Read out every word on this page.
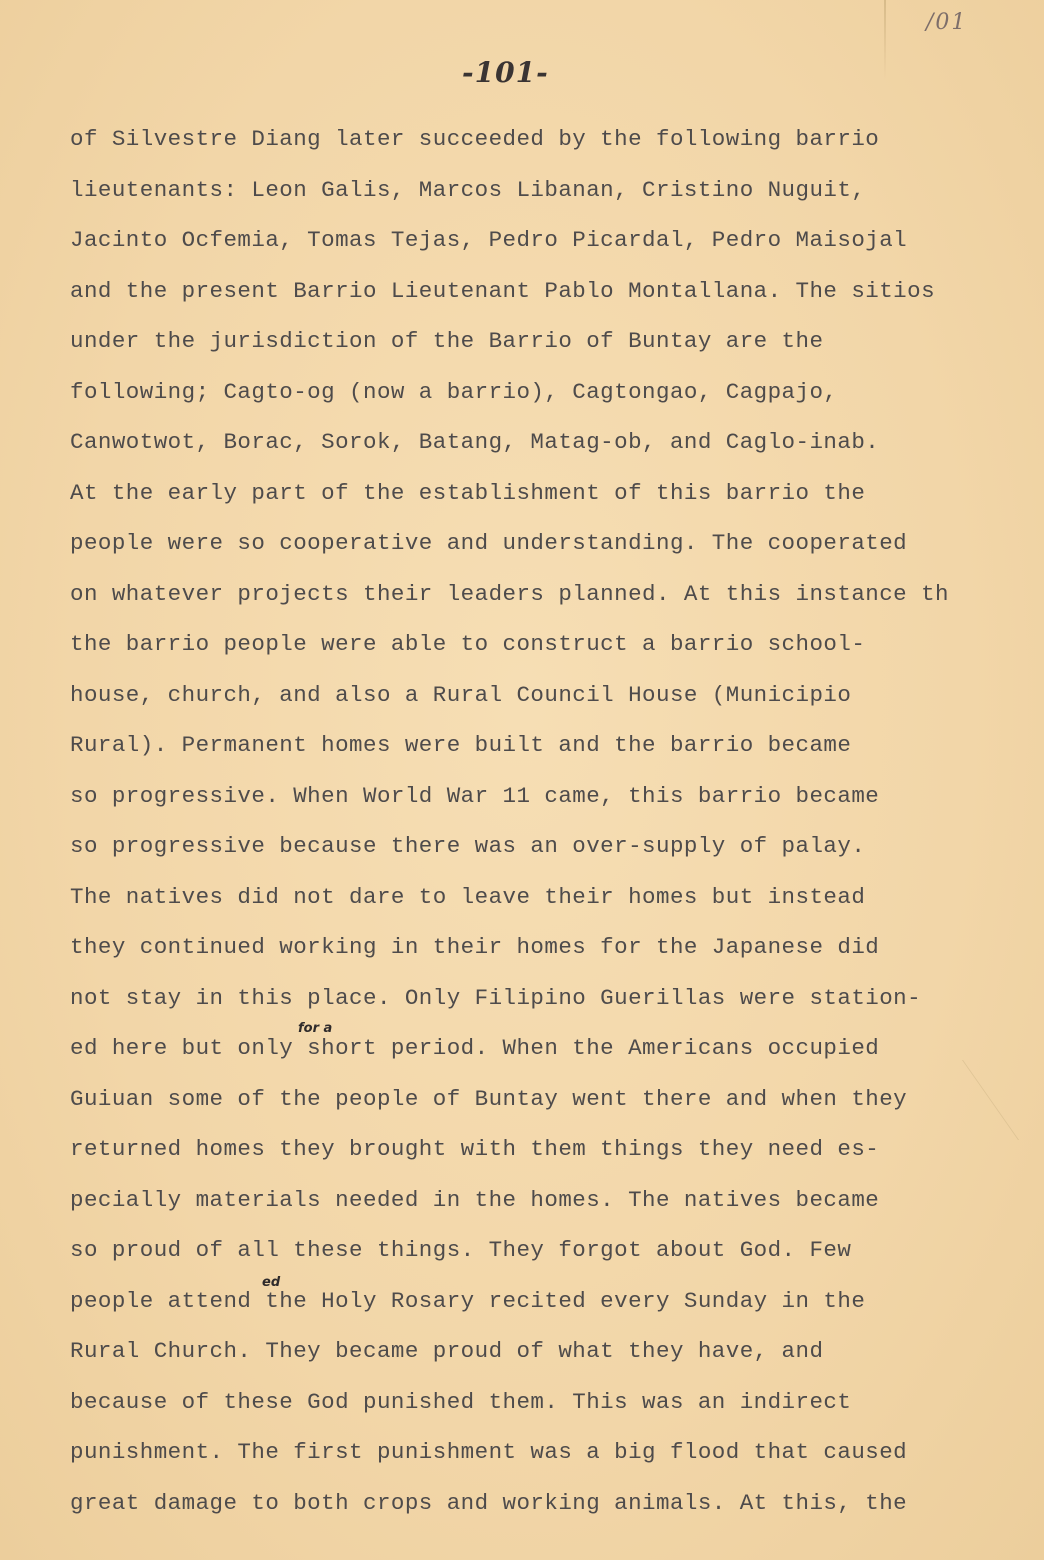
/01
-101-
of Silvestre Diang later succeeded by the following barrio
lieutenants: Leon Galis, Marcos Libanan, Cristino Nuguit,
Jacinto Ocfemia, Tomas Tejas, Pedro Picardal, Pedro Maisojal
and the present Barrio Lieutenant Pablo Montallana. The sitios
under the jurisdiction of the Barrio of Buntay are the
following; Cagto-og (now a barrio), Cagtongao, Cagpajo,
Canwotwot, Borac, Sorok, Batang, Matag-ob, and Caglo-inab.
At the early part of the establishment of this barrio the
people were so cooperative and understanding. The cooperated
on whatever projects their leaders planned. At this instance th
the barrio people were able to construct a barrio school-
house, church, and also a Rural Council House (Municipio
Rural). Permanent homes were built and the barrio became
so progressive. When World War 11 came, this barrio became
so progressive because there was an over-supply of palay.
The natives did not dare to leave their homes but instead
they continued working in their homes for the Japanese did
not stay in this place. Only Filipino Guerillas were station-
ed here but only short period. When the Americans occupied
Guiuan some of the people of Buntay went there and when they
returned homes they brought with them things they need es-
pecially materials needed in the homes. The natives became
so proud of all these things. They forgot about God. Few
people attend the Holy Rosary recited every Sunday in the
Rural Church. They became proud of what they have, and
because of these God punished them. This was an indirect
punishment. The first punishment was a big flood that caused
great damage to both crops and working animals. At this, the
for a
ed
